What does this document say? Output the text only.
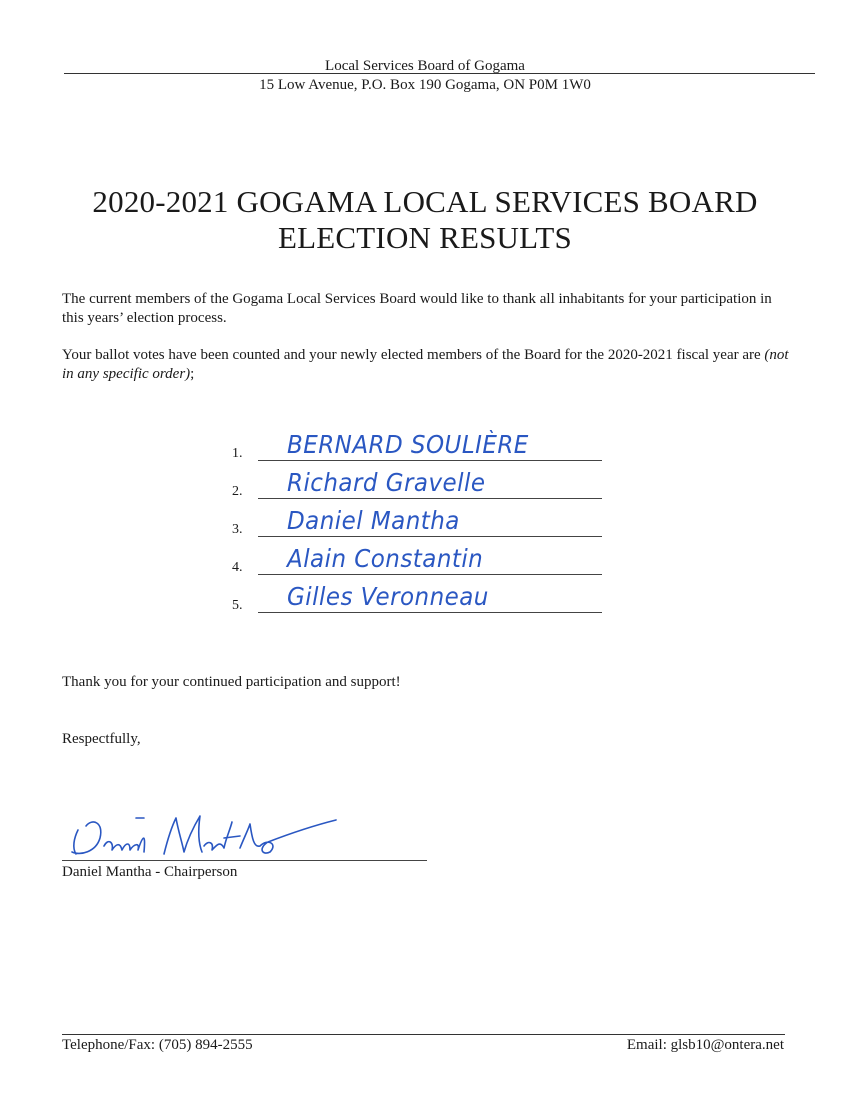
Local Services Board of Gogama
15 Low Avenue, P.O. Box 190 Gogama, ON P0M 1W0
2020-2021 GOGAMA LOCAL SERVICES BOARD
ELECTION RESULTS
The current members of the Gogama Local Services Board would like to thank all inhabitants for your participation in this years’ election process.
Your ballot votes have been counted and your newly elected members of the Board for the 2020-2021 fiscal year are (not in any specific order);
1. BERNARD SOULIÈRE
2. Richard Gravelle
3. Daniel Mantha
4. Alain Constantin
5. Gilles Veronneau
Thank you for your continued participation and support!
Respectfully,
Daniel Mantha - Chairperson
Telephone/Fax: (705) 894-2555	Email: glsb10@ontera.net
